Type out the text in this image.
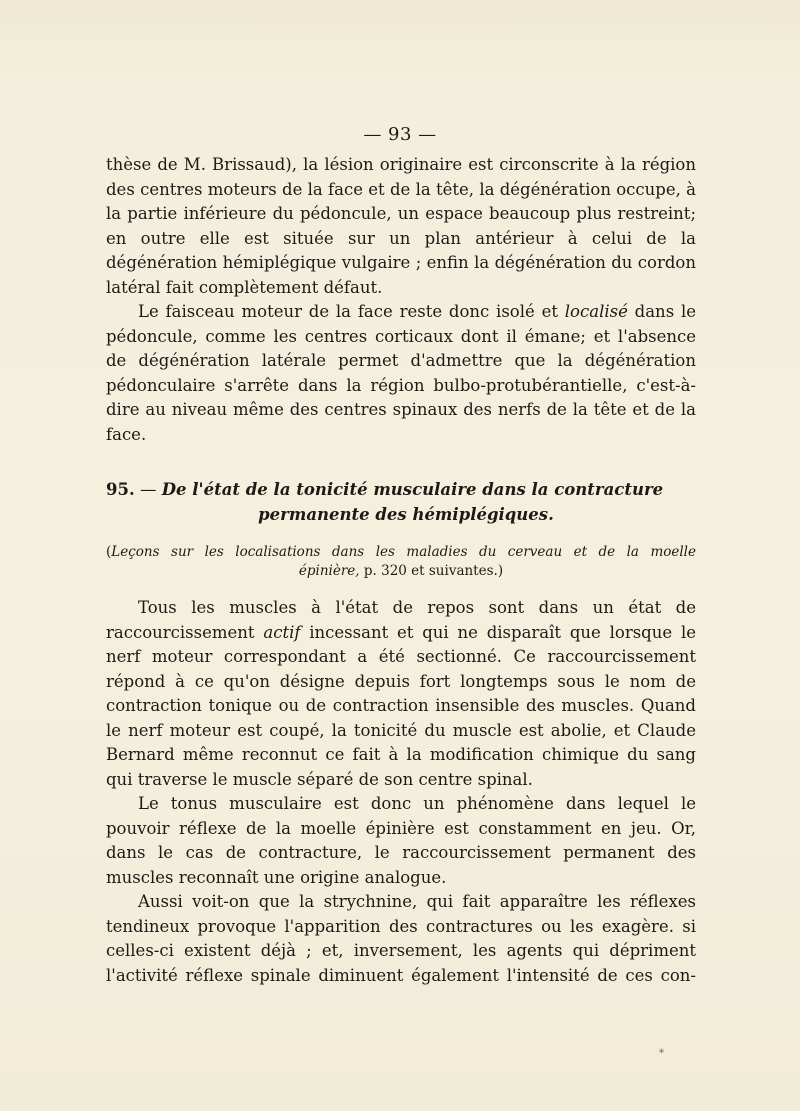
— 93 —

thèse de M. Brissaud), la lésion originaire est circonscrite à la région des centres moteurs de la face et de la tête, la dégénération occupe, à la partie inférieure du pédoncule, un espace beaucoup plus restreint; en outre elle est située sur un plan antérieur à celui de la dégénération hémiplégique vulgaire ; enfin la dégénération du cordon latéral fait complètement défaut.

Le faisceau moteur de la face reste donc isolé et localisé dans le pédoncule, comme les centres corticaux dont il émane; et l'absence de dégénération latérale permet d'admettre que la dégénération pédonculaire s'arrête dans la région bulbo-protubérantielle, c'est-à-dire au niveau même des centres spinaux des nerfs de la tête et de la face.

95. — De l'état de la tonicité musculaire dans la contracture
permanente des hémiplégiques.
(Leçons sur les localisations dans les maladies du cerveau et de la moelle
épinière, p. 320 et suivantes.)

Tous les muscles à l'état de repos sont dans un état de raccourcissement actif incessant et qui ne disparaît que lorsque le nerf moteur correspondant a été sectionné. Ce raccourcissement répond à ce qu'on désigne depuis fort longtemps sous le nom de contraction tonique ou de contraction insensible des muscles. Quand le nerf moteur est coupé, la tonicité du muscle est abolie, et Claude Bernard même reconnut ce fait à la modification chimique du sang qui traverse le muscle séparé de son centre spinal.

Le tonus musculaire est donc un phénomène dans lequel le pouvoir réflexe de la moelle épinière est constamment en jeu. Or, dans le cas de contracture, le raccourcissement permanent des muscles reconnaît une origine analogue.

Aussi voit-on que la strychnine, qui fait apparaître les réflexes tendineux provoque l'apparition des contractures ou les exagère. si celles-ci existent déjà ; et, inversement, les agents qui dépriment l'activité réflexe spinale diminuent également l'intensité de ces con-

*
